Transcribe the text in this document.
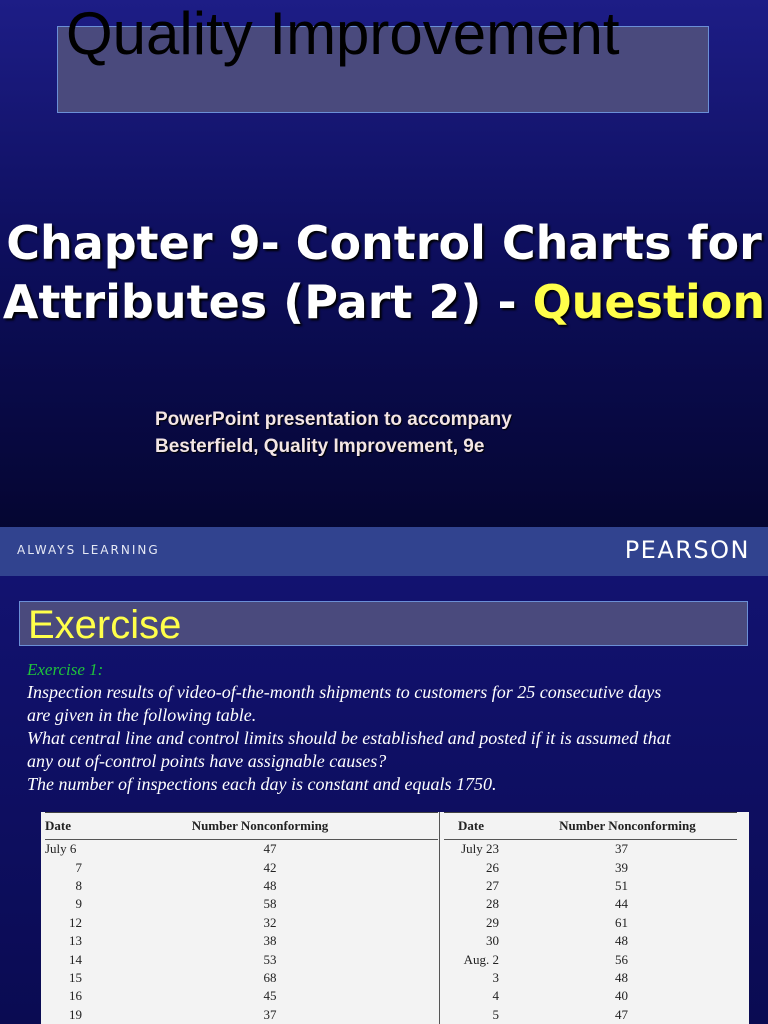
Quality Improvement
Chapter 9- Control Charts for Attributes (Part 2) - Question
PowerPoint presentation to accompany
Besterfield, Quality Improvement, 9e
ALWAYS LEARNING	PEARSON
Exercise
Exercise 1:
Inspection results of video-of-the-month shipments to customers for 25 consecutive days
are given in the following table.
What central line and control limits should be established and posted if it is assumed that
any out of-control points have assignable causes?
The number of inspections each day is constant and equals 1750.
Date	Number Nonconforming
July 6	47
7	42
8	48
9	58
12	32
13	38
14	53
15	68
16	45
19	37
Date	Number Nonconforming
July 23	37
26	39
27	51
28	44
29	61
30	48
Aug. 2	56
3	48
4	40
5	47
